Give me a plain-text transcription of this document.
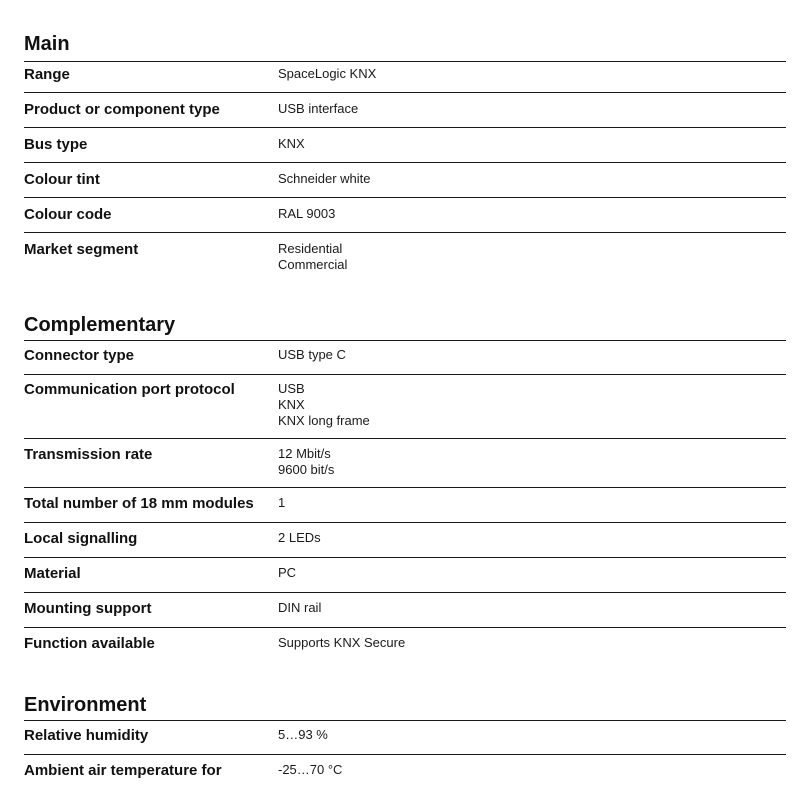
Main
Range	SpaceLogic KNX
Product or component type	USB interface
Bus type	KNX
Colour tint	Schneider white
Colour code	RAL 9003
Market segment	Residential
Commercial
Complementary
Connector type	USB type C
Communication port protocol	USB
KNX
KNX long frame
Transmission rate	12 Mbit/s
9600 bit/s
Total number of 18 mm modules 1
Local signalling	2 LEDs
Material	PC
Mounting support	DIN rail
Function available	Supports KNX Secure
Environment
Relative humidity	5…93 %
Ambient air temperature for	-25…70 °C
